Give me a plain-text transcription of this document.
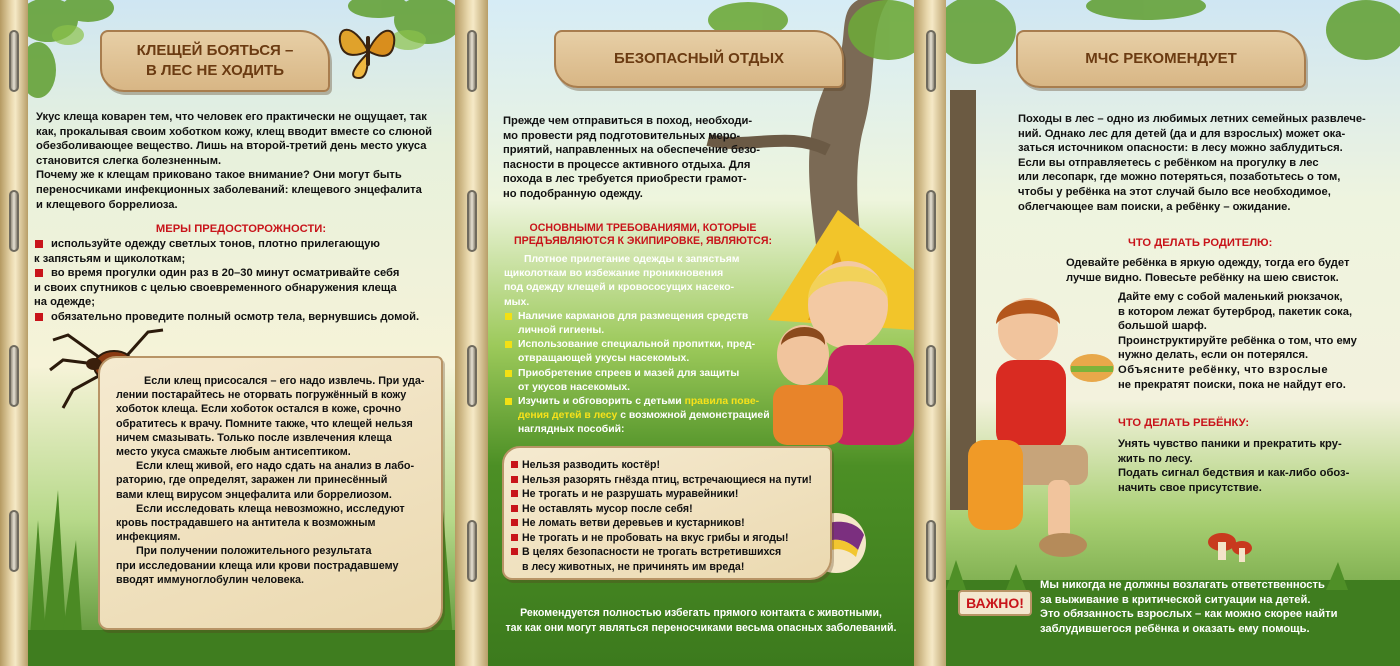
КЛЕЩЕЙ БОЯТЬСЯ –
В ЛЕС НЕ ХОДИТЬ

Укус клеща коварен тем, что человек его практически не ощущает, так

как, прокалывая своим хоботком кожу, клещ вводит вместе со слюной

обезболивающее вещество. Лишь на второй-третий день место укуса

становится слегка болезненным.

Почему же к клещам приковано такое внимание? Они могут быть

переносчиками инфекционных заболеваний: клещевого энцефалита

и клещевого боррелиоза.

МЕРЫ ПРЕДОСТОРОЖНОСТИ:

используйте одежду светлых тонов, плотно прилегающую

к запястьям и щиколоткам;

во время прогулки один раз в 20–30 минут осматривайте себя

и своих спутников с целью своевременного обнаружения клеща

на одежде;

обязательно проведите полный осмотр тела, вернувшись домой.

Если клещ присосался – его надо извлечь. При уда-

лении постарайтесь не оторвать погружённый в кожу

хоботок клеща. Если хоботок остался в коже, срочно

обратитесь к врачу. Помните также, что клещей нельзя

ничем смазывать. Только после извлечения клеща

место укуса смажьте любым антисептиком.

Если клещ живой, его надо сдать на анализ в лабо-

раторию, где определят, заражен ли принесённый

вами клещ вирусом энцефалита или боррелиозом.

Если исследовать клеща невозможно, исследуют

кровь пострадавшего на антитела к возможным

инфекциям.

При получении положительного результата

при исследовании клеща или крови пострадавшему

вводят иммуноглобулин человека.

БЕЗОПАСНЫЙ ОТДЫХ

Прежде чем отправиться в поход, необходи-

мо провести ряд подготовительных меро-

приятий, направленных на обеспечение безо-

пасности в процессе активного отдыха. Для

похода в лес требуется приобрести грамот-

но подобранную одежду.

ОСНОВНЫМИ ТРЕБОВАНИЯМИ, КОТОРЫЕ

ПРЕДЪЯВЛЯЮТСЯ К ЭКИПИРОВКЕ, ЯВЛЯЮТСЯ:

Плотное прилегание одежды к запястьям

щиколоткам во избежание проникновения

под одежду клещей и кровососущих насеко-

мых.

Наличие карманов для размещения средств

личной гигиены.

Использование специальной пропитки, пред-

отвращающей укусы насекомых.

Приобретение спреев и мазей для защиты

от укусов насекомых.

Изучить и обговорить с детьми правила пове-

дения детей в лесу с возможной демонстрацией

наглядных пособий:

Нельзя разводить костёр!

Нельзя разорять гнёзда птиц, встречающиеся на пути!

Не трогать и не разрушать муравейники!

Не оставлять мусор после себя!

Не ломать ветви деревьев и кустарников!

Не трогать и не пробовать на вкус грибы и ягоды!

В целях безопасности не трогать встретившихся

в лесу животных, не причинять им вреда!

Рекомендуется полностью избегать прямого контакта с животными,

так как они могут являться переносчиками весьма опасных заболеваний.

МЧС РЕКОМЕНДУЕТ

Походы в лес – одно из любимых летних семейных развлече-

ний. Однако лес для детей (да и для взрослых) может ока-

заться источником опасности: в лесу можно заблудиться.

Если вы отправляетесь с ребёнком на прогулку в лес

или лесопарк, где можно потеряться, позаботьтесь о том,

чтобы у ребёнка на этот случай было все необходимое,

облегчающее вам поиски, а ребёнку – ожидание.

ЧТО ДЕЛАТЬ РОДИТЕЛЮ:

Одевайте ребёнка в яркую одежду, тогда его будет

лучше видно. Повесьте ребёнку на шею свисток.

Дайте ему с собой маленький рюкзачок,

в котором лежат бутерброд, пакетик сока,

большой шарф.

Проинструктируйте ребёнка о том, что ему

нужно делать, если он потерялся.

Объясните ребёнку, что взрослые

не прекратят поиски, пока не найдут его.

ЧТО ДЕЛАТЬ РЕБЁНКУ:

Унять чувство паники и прекратить кру-

жить по лесу.

Подать сигнал бедствия и как-либо обоз-

начить свое присутствие.

ВАЖНО!

Мы никогда не должны возлагать ответственность

за выживание в критической ситуации на детей.

Это обязанность взрослых – как можно скорее найти

заблудившегося ребёнка и оказать ему помощь.
